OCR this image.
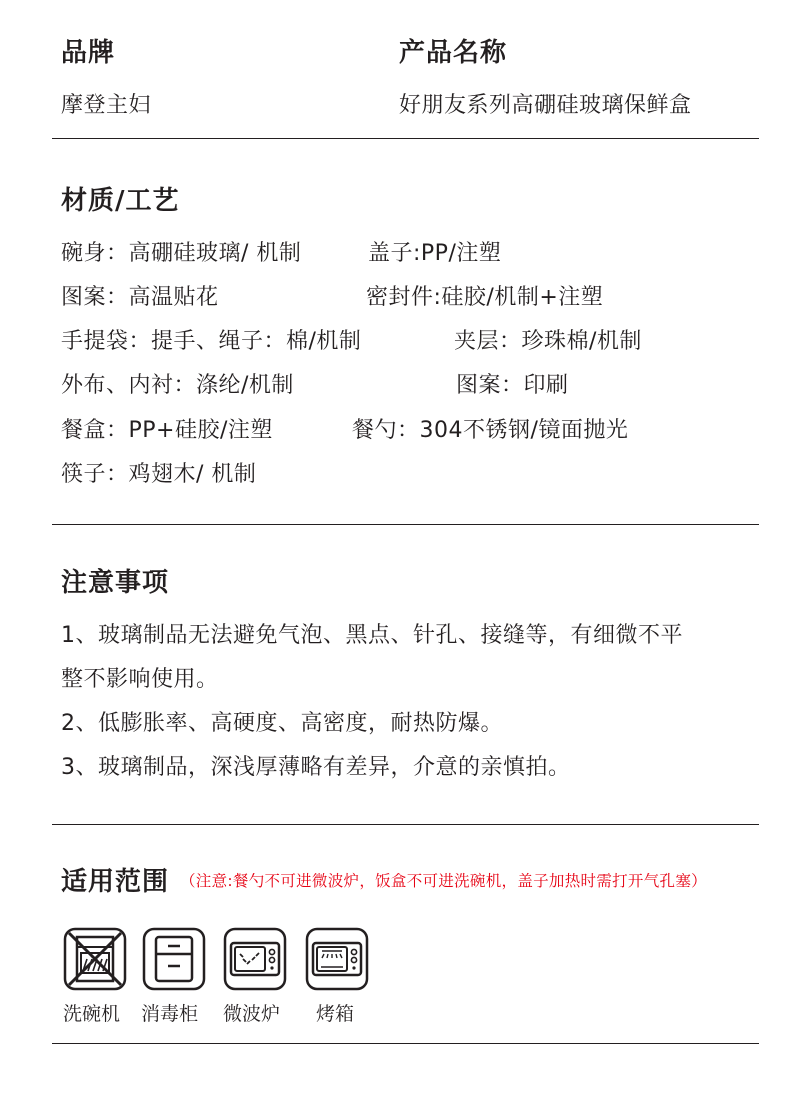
品牌	产品名称
摩登主妇	好朋友系列高硼硅玻璃保鲜盒
材质/工艺
碗身：高硼硅玻璃/ 机制	盖子:PP/注塑
图案：高温贴花	密封件:硅胶/机制+注塑
手提袋：提手、绳子：棉/机制	夹层：珍珠棉/机制
外布、内衬：涤纶/机制	图案：印刷
餐盒：PP+硅胶/注塑	餐勺：304不锈钢/镜面抛光
筷子：鸡翅木/ 机制
注意事项
1、玻璃制品无法避免气泡、黑点、针孔、接缝等，有细微不平
整不影响使用。
2、低膨胀率、高硬度、高密度，耐热防爆。
3、玻璃制品，深浅厚薄略有差异，介意的亲慎拍。
适用范围 （注意:餐勺不可进微波炉，饭盒不可进洗碗机，盖子加热时需打开气孔塞）
洗碗机 消毒柜 微波炉 烤箱
